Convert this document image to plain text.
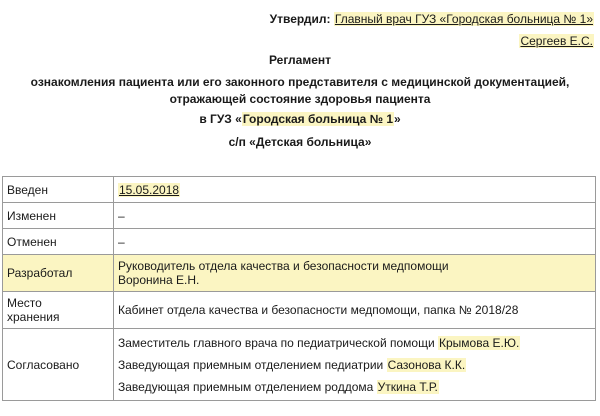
Утвердил: Главный врач ГУЗ «Городская больница № 1»
Сергеев Е.С.
Регламент
ознакомления пациента или его законного представителя с медицинской документацией,
отражающей состояние здоровья пациента
в ГУЗ «Городская больница № 1»
с/п «Детская больница»
Введен	15.05.2018
Изменен	–
Отменен	–
Разработал	Руководитель отдела качества и безопасности медпомощи
Воронина Е.Н.

Место
хранения	Кабинет отдела качества и безопасности медпомощи, папка № 2018/28
Согласовано	Заместитель главного врача по педиатрической помощи Крымова Е.Ю.
Заведующая приемным отделением педиатрии Сазонова К.К.
Заведующая приемным отделением роддома Уткина Т.Р.
